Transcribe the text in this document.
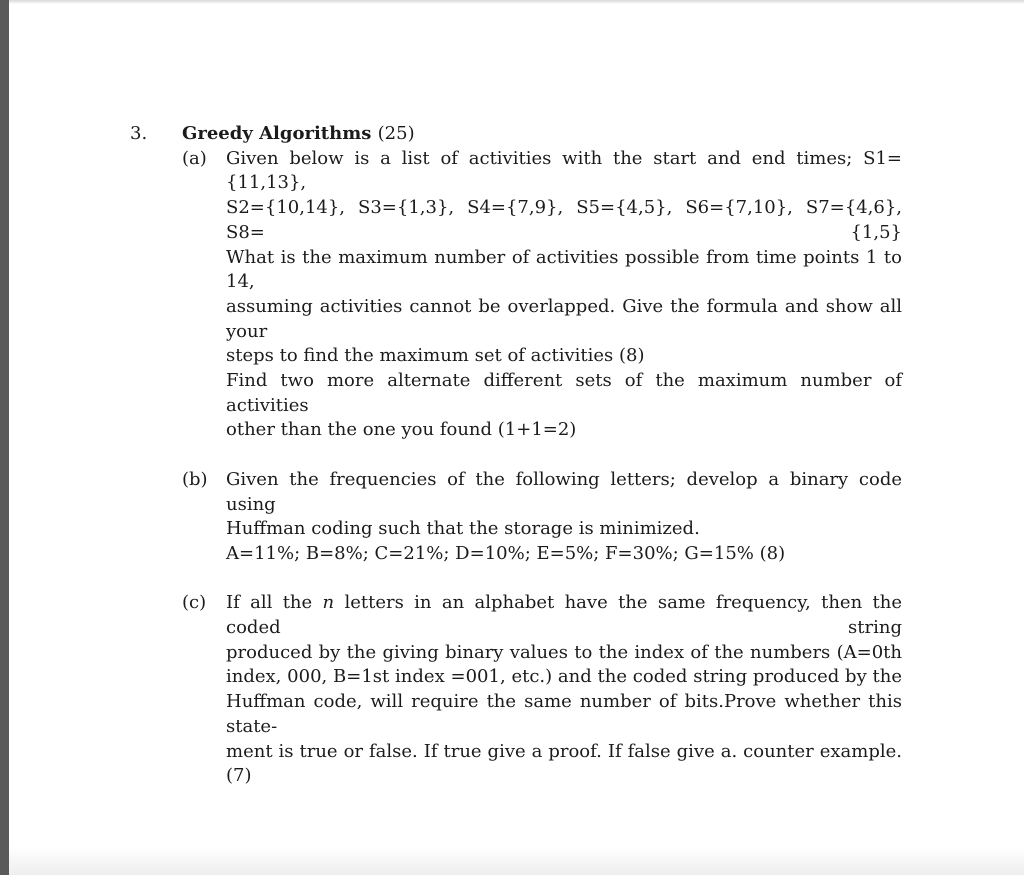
3. Greedy Algorithms (25)
(a) Given below is a list of activities with the start and end times; S1={11,13},
S2={10,14}, S3={1,3}, S4={7,9}, S5={4,5}, S6={7,10}, S7={4,6}, S8= {1,5}
What is the maximum number of activities possible from time points 1 to 14,
assuming activities cannot be overlapped. Give the formula and show all your
steps to find the maximum set of activities (8)
Find two more alternate different sets of the maximum number of activities
other than the one you found (1+1=2)
(b) Given the frequencies of the following letters; develop a binary code using
Huffman coding such that the storage is minimized.
A=11%; B=8%; C=21%; D=10%; E=5%; F=30%; G=15% (8)
(c) If all the n letters in an alphabet have the same frequency, then the coded string
produced by the giving binary values to the index of the numbers (A=0th
index, 000, B=1st index =001, etc.) and the coded string produced by the
Huffman code, will require the same number of bits.Prove whether this state-
ment is true or false. If true give a proof. If false give a. counter example. (7)
